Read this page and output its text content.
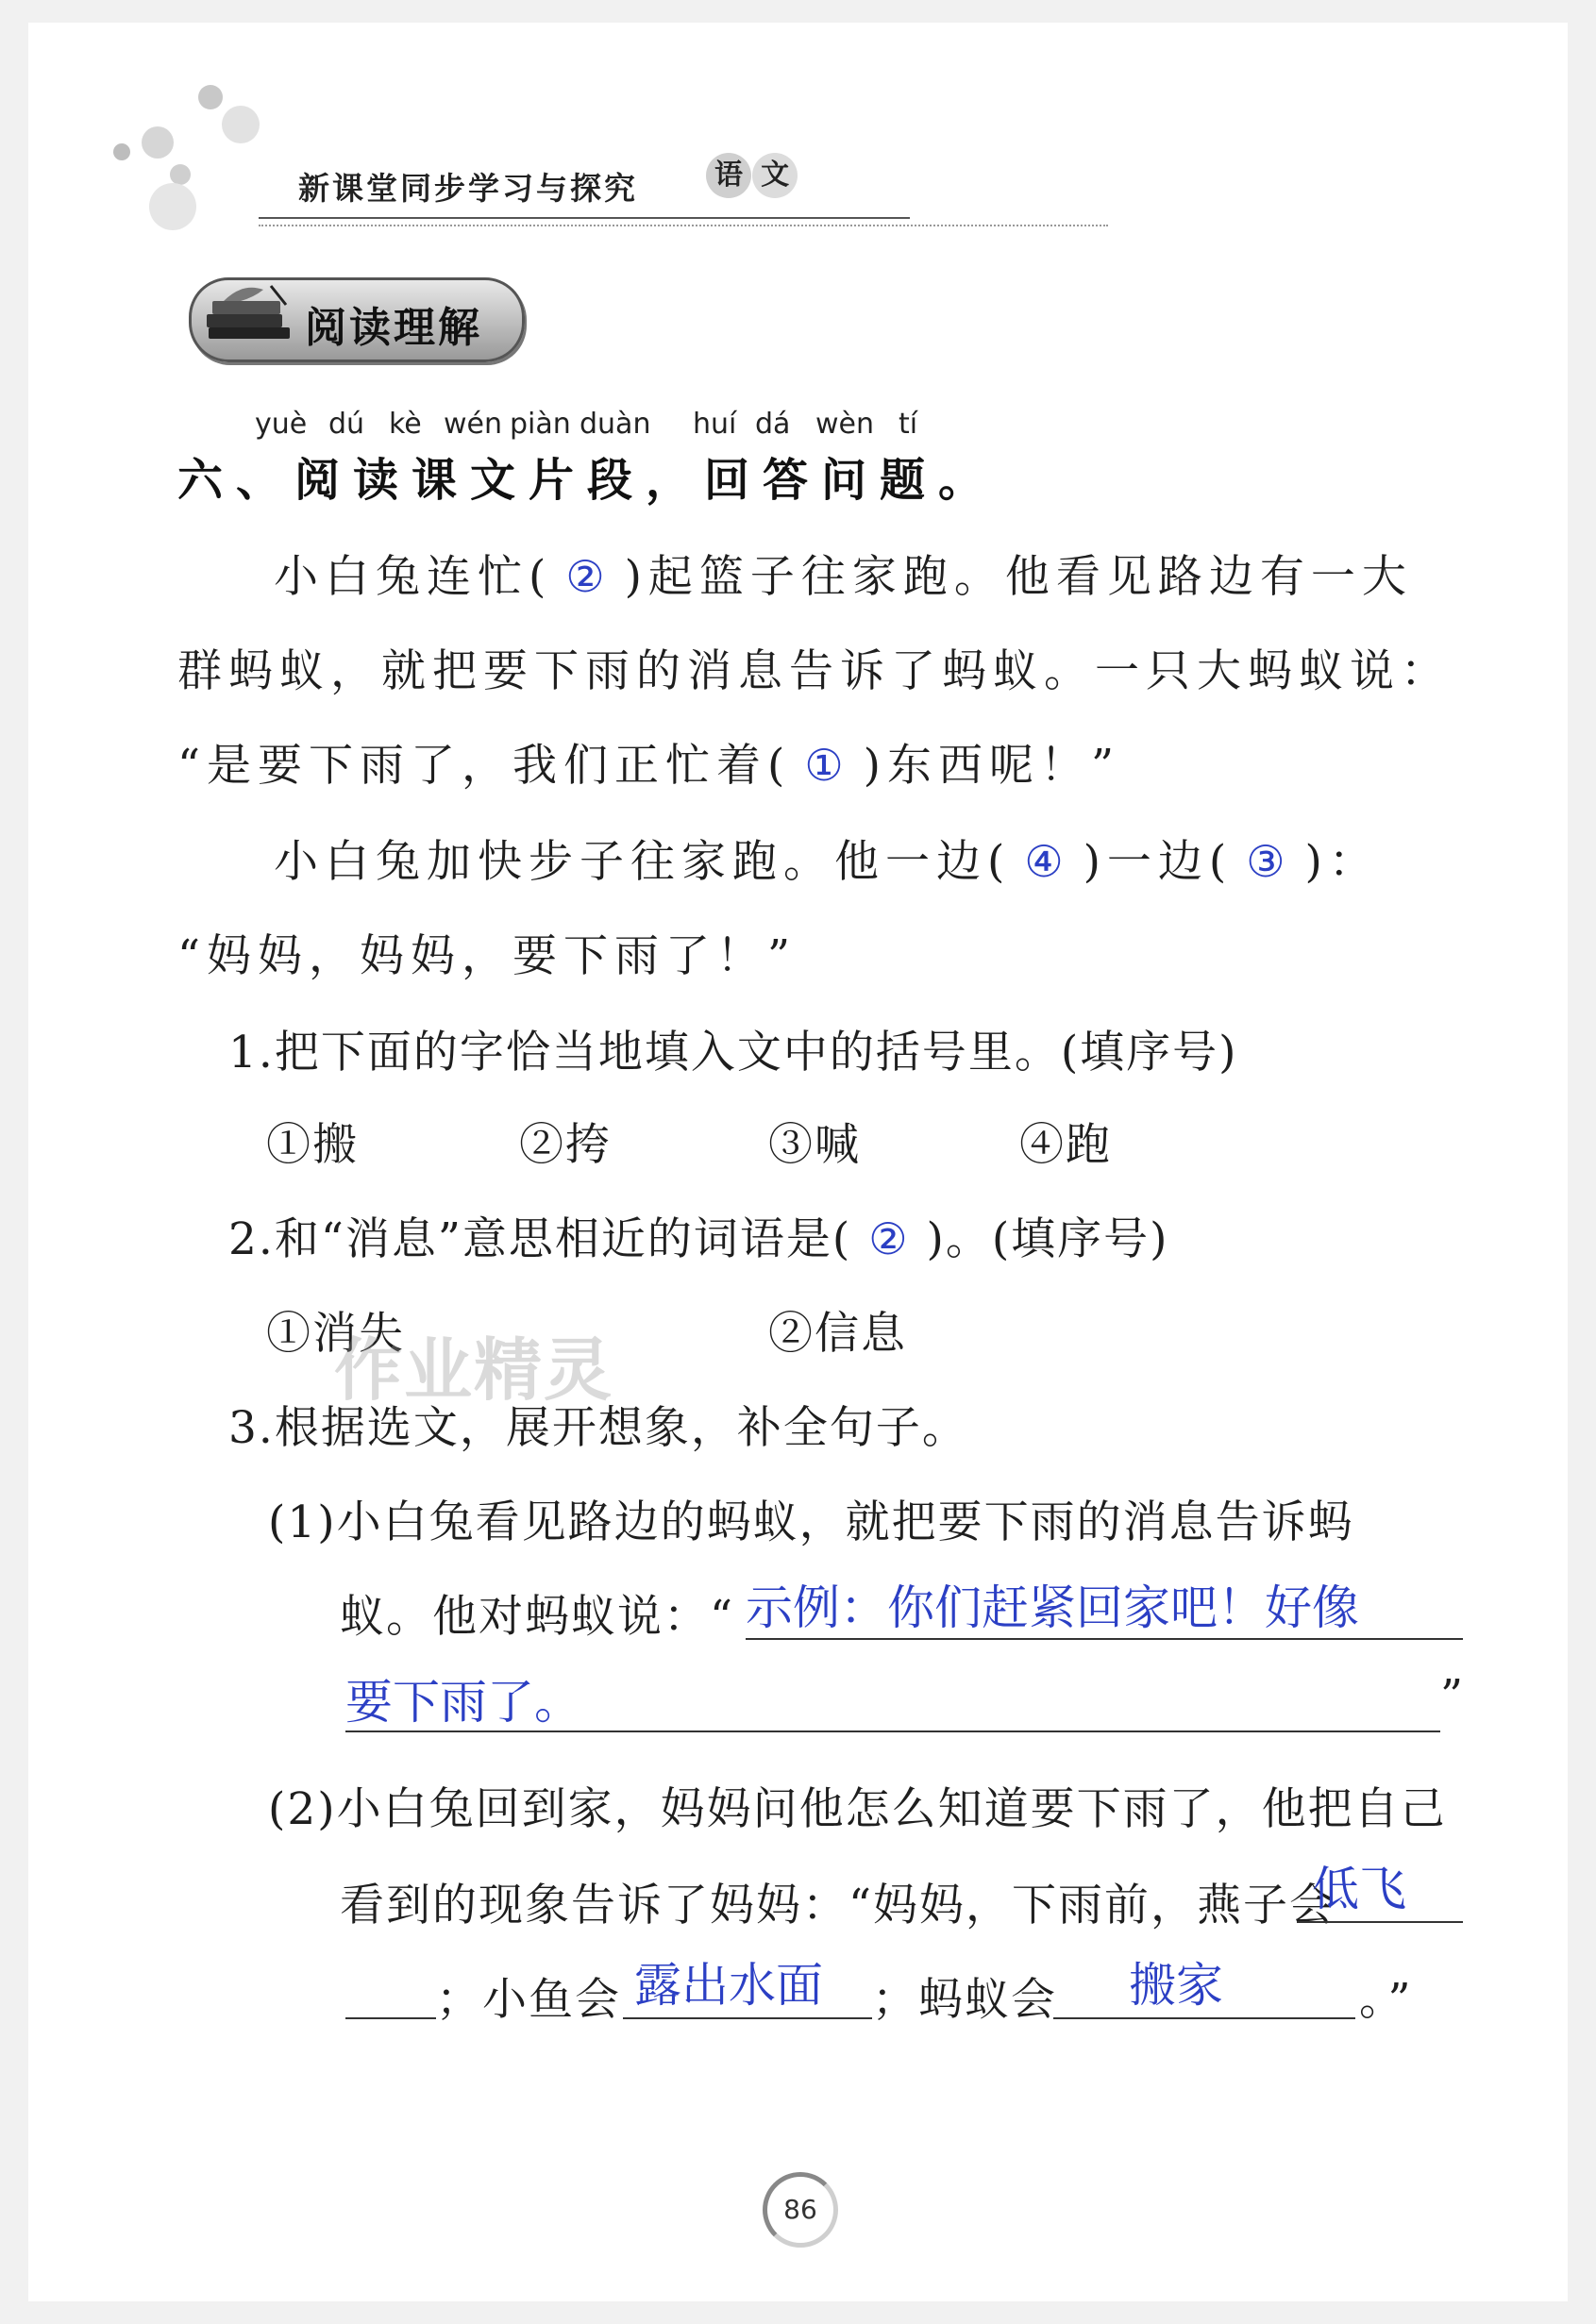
新课堂同步学习与探究	语 文
阅读理解
yuè dú kè wén piàn duàn huí dá wèn tí
六、阅读课文片段，回答问题。
小白兔连忙( ② )起篮子往家跑。他看见路边有一大
群蚂蚁，就把要下雨的消息告诉了蚂蚁。一只大蚂蚁说：
“是要下雨了，我们正忙着( ① )东西呢！”
小白兔加快步子往家跑。他一边( ④ )一边( ③ )：
“妈妈，妈妈，要下雨了！”
1.把下面的字恰当地填入文中的括号里。(填序号)
①搬	②挎	③喊	④跑
2.和“消息”意思相近的词语是( ② )。(填序号)
①消失	②信息
作业精灵
3.根据选文，展开想象，补全句子。
(1)小白兔看见路边的蚂蚁，就把要下雨的消息告诉蚂
蚁。他对蚂蚁说：“ 示例：你们赶紧回家吧！好像
要下雨了。	”
(2)小白兔回到家，妈妈问他怎么知道要下雨了，他把自己
看到的现象告诉了妈妈：“妈妈，下雨前，燕子会
低飞
；小鱼会 露出水面 ；蚂蚁会 搬家	。”
86
